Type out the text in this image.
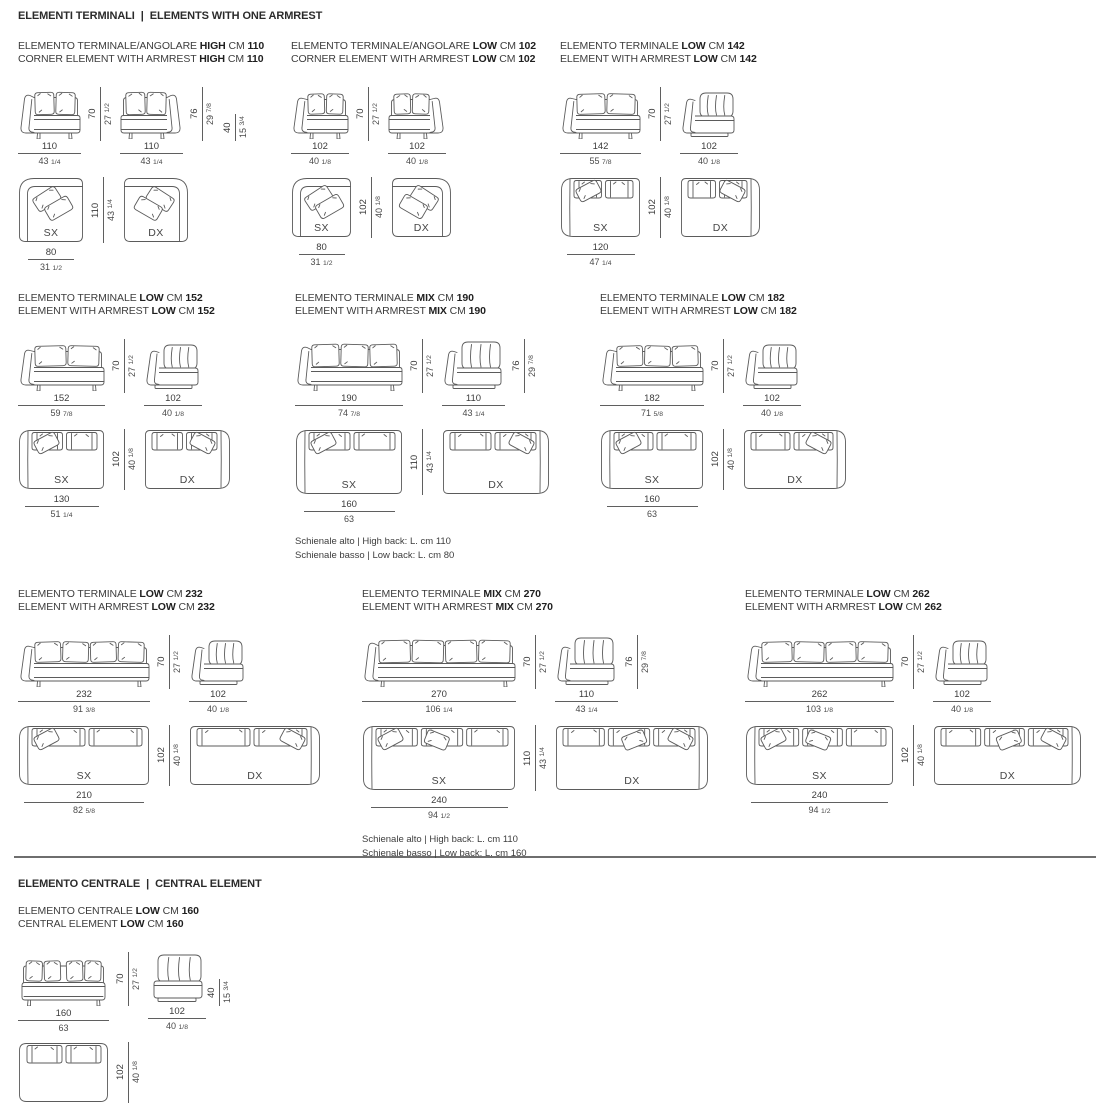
ELEMENTI TERMINALI | ELEMENTS WITH ONE ARMREST
ELEMENTO CENTRALE | CENTRAL ELEMENT
ELEMENTO TERMINALE/ANGOLARE HIGH CM 110
CORNER ELEMENT WITH ARMREST HIGH CM 110
110
43 1/4
70 27 1/2
110
43 1/4
76 29 7/8
40 15 3/4
SX
80
31 1/2
110 43 1/4
DX
ELEMENTO TERMINALE/ANGOLARE LOW CM 102
CORNER ELEMENT WITH ARMREST LOW CM 102
102
40 1/8
70 27 1/2
102
40 1/8
SX
80
31 1/2
102 40 1/8
DX
ELEMENTO TERMINALE LOW CM 142
ELEMENT WITH ARMREST LOW CM 142
142
55 7/8
70 27 1/2
102
40 1/8
SX
120
47 1/4
102 40 1/8
DX
ELEMENTO TERMINALE LOW CM 152
ELEMENT WITH ARMREST LOW CM 152
152
59 7/8
70 27 1/2
102
40 1/8
SX
130
51 1/4
102 40 1/8
DX
ELEMENTO TERMINALE MIX CM 190
ELEMENT WITH ARMREST MIX CM 190
190
74 7/8
70 27 1/2
110
43 1/4
76 29 7/8
SX
160
63
110 43 1/4
DX
Schienale alto | High back: L. cm 110
Schienale basso | Low back: L. cm 80
ELEMENTO TERMINALE LOW CM 182
ELEMENT WITH ARMREST LOW CM 182
182
71 5/8
70 27 1/2
102
40 1/8
SX
160
63
102 40 1/8
DX
ELEMENTO TERMINALE LOW CM 232
ELEMENT WITH ARMREST LOW CM 232
232
91 3/8
70 27 1/2
102
40 1/8
SX
210
82 5/8
102 40 1/8
DX
ELEMENTO TERMINALE MIX CM 270
ELEMENT WITH ARMREST MIX CM 270
270
106 1/4
70 27 1/2
110
43 1/4
76 29 7/8
SX
240
94 1/2
110 43 1/4
DX
Schienale alto | High back: L. cm 110
Schienale basso | Low back: L. cm 160
ELEMENTO TERMINALE LOW CM 262
ELEMENT WITH ARMREST LOW CM 262
262
103 1/8
70 27 1/2
102
40 1/8
SX
240
94 1/2
102 40 1/8
DX
ELEMENTO CENTRALE LOW CM 160
CENTRAL ELEMENT LOW CM 160
160
63
70 27 1/2
102
40 1/8
40 15 3/4
102 40 1/8
